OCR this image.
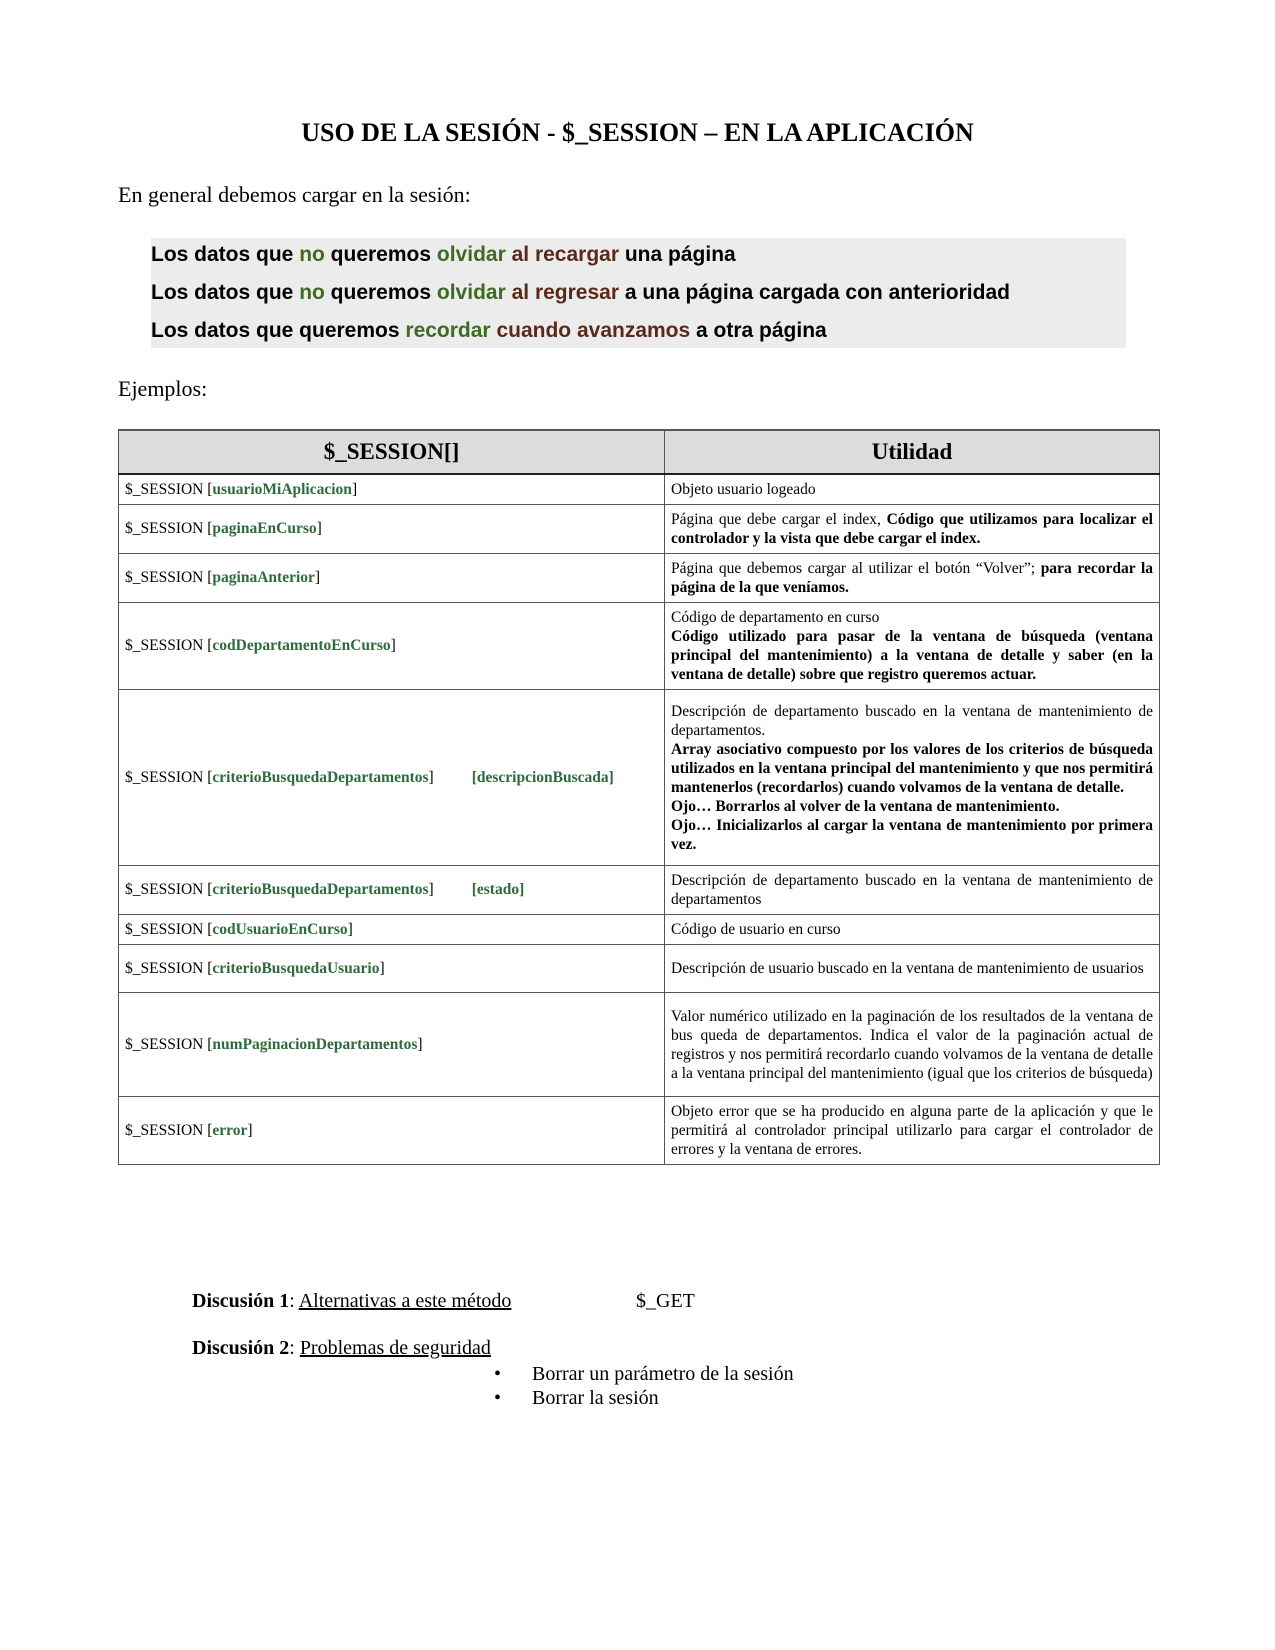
USO DE LA SESIÓN - $_SESSION – EN LA APLICACIÓN
En general debemos cargar en la sesión:
Los datos que no queremos olvidar al recargar una página
Los datos que no queremos olvidar al regresar a una página cargada con anterioridad
Los datos que queremos recordar cuando avanzamos a otra página
Ejemplos:
$_SESSION[]	Utilidad
$_SESSION [usuarioMiAplicacion]	Objeto usuario logeado
$_SESSION [paginaEnCurso]	Página que debe cargar el index, Código que utilizamos para localizar el controlador y la vista que debe cargar el index.
$_SESSION [paginaAnterior]	Página que debemos cargar al utilizar el botón “Volver”; para recordar la página de la que veníamos.
$_SESSION [codDepartamentoEnCurso]	Código de departamento en curso
Código utilizado para pasar de la ventana de búsqueda (ventana principal del mantenimiento) a la ventana de detalle y saber (en la ventana de detalle) sobre que registro queremos actuar.
$_SESSION [criterioBusquedaDepartamentos] [descripcionBuscada]	Descripción de departamento buscado en la ventana de mantenimiento de departamentos.
Array asociativo compuesto por los valores de los criterios de búsqueda utilizados en la ventana principal del mantenimiento y que nos permitirá mantenerlos (recordarlos) cuando volvamos de la ventana de detalle.
Ojo… Borrarlos al volver de la ventana de mantenimiento.
Ojo… Inicializarlos al cargar la ventana de mantenimiento por primera vez.

$_SESSION [criterioBusquedaDepartamentos] [estado]	Descripción de departamento buscado en la ventana de mantenimiento de departamentos
$_SESSION [codUsuarioEnCurso]	Código de usuario en curso
$_SESSION [criterioBusquedaUsuario]	Descripción de usuario buscado en la ventana de mantenimiento de usuarios
$_SESSION [numPaginacionDepartamentos]	Valor numérico utilizado en la paginación de los resultados de la ventana de bus queda de departamentos. Indica el valor de la paginación actual de registros y nos permitirá recordarlo cuando volvamos de la ventana de detalle a la ventana principal del mantenimiento (igual que los criterios de búsqueda)
$_SESSION [error]	Objeto error que se ha producido en alguna parte de la aplicación y que le permitirá al controlador principal utilizarlo para cargar el controlador de errores y la ventana de errores.
Discusión 1: Alternativas a este método	$_GET
Discusión 2: Problemas de seguridad
• Borrar un parámetro de la sesión
• Borrar la sesión
